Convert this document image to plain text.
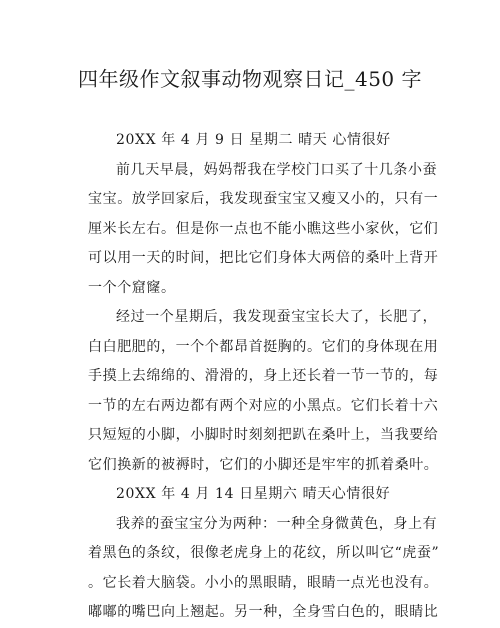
四年级作文叙事动物观察日记_450 字
20XX 年 4 月 9 日 星期二 晴天 心情很好
前几天早晨，妈妈帮我在学校门口买了十几条小蚕
宝宝。放学回家后，我发现蚕宝宝又瘦又小的，只有一
厘米长左右。但是你一点也不能小瞧这些小家伙，它们
可以用一天的时间，把比它们身体大两倍的桑叶上背开
一个个窟窿。
经过一个星期后，我发现蚕宝宝长大了，长肥了，
白白肥肥的，一个个都昂首挺胸的。它们的身体现在用
手摸上去绵绵的、滑滑的，身上还长着一节一节的，每
一节的左右两边都有两个对应的小黑点。它们长着十六
只短短的小脚，小脚时时刻刻把趴在桑叶上，当我要给
它们换新的被褥时，它们的小脚还是牢牢的抓着桑叶。
20XX 年 4 月 14 日星期六 晴天心情很好
我养的蚕宝宝分为两种：一种全身微黄色，身上有
着黑色的条纹，很像老虎身上的花纹，所以叫它“虎蚕”
。它长着大脑袋。小小的黑眼睛，眼睛一点光也没有。
嘟嘟的嘴巴向上翘起。另一种，全身雪白色的，眼睛比
